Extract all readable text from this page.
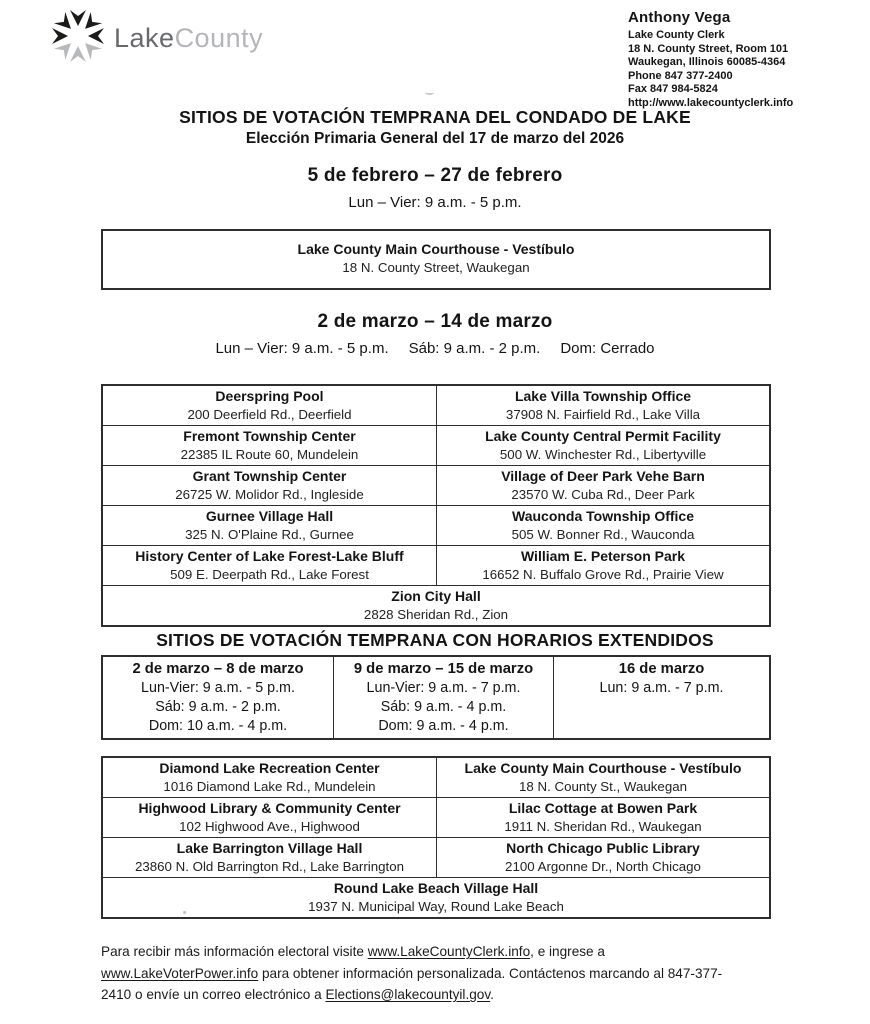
LakeCounty
Anthony Vega
Lake County Clerk
18 N. County Street, Room 101
Waukegan, Illinois 60085-4364
Phone 847 377-2400
Fax 847 984-5824
http://www.lakecountyclerk.info
SITIOS DE VOTACIÓN TEMPRANA DEL CONDADO DE LAKE
Elección Primaria General del 17 de marzo del 2026
5 de febrero – 27 de febrero
Lun – Vier: 9 a.m. - 5 p.m.
Lake County Main Courthouse - Vestíbulo
18 N. County Street, Waukegan
2 de marzo – 14 de marzo
Lun – Vier: 9 a.m. - 5 p.m. Sáb: 9 a.m. - 2 p.m. Dom: Cerrado
Deerspring Pool
200 Deerfield Rd., Deerfield
Lake Villa Township Office
37908 N. Fairfield Rd., Lake Villa
Fremont Township Center
22385 IL Route 60, Mundelein
Lake County Central Permit Facility
500 W. Winchester Rd., Libertyville
Grant Township Center
26725 W. Molidor Rd., Ingleside
Village of Deer Park Vehe Barn
23570 W. Cuba Rd., Deer Park
Gurnee Village Hall
325 N. O'Plaine Rd., Gurnee
Wauconda Township Office
505 W. Bonner Rd., Wauconda
History Center of Lake Forest-Lake Bluff
509 E. Deerpath Rd., Lake Forest
William E. Peterson Park
16652 N. Buffalo Grove Rd., Prairie View
Zion City Hall
2828 Sheridan Rd., Zion
SITIOS DE VOTACIÓN TEMPRANA CON HORARIOS EXTENDIDOS
2 de marzo – 8 de marzo
Lun-Vier: 9 a.m. - 5 p.m.
Sáb: 9 a.m. - 2 p.m.
Dom: 10 a.m. - 4 p.m.
9 de marzo – 15 de marzo
Lun-Vier: 9 a.m. - 7 p.m.
Sáb: 9 a.m. - 4 p.m.
Dom: 9 a.m. - 4 p.m.
16 de marzo
Lun: 9 a.m. - 7 p.m.
Diamond Lake Recreation Center
1016 Diamond Lake Rd., Mundelein
Lake County Main Courthouse - Vestíbulo
18 N. County St., Waukegan
Highwood Library & Community Center
102 Highwood Ave., Highwood
Lilac Cottage at Bowen Park
1911 N. Sheridan Rd., Waukegan
Lake Barrington Village Hall
23860 N. Old Barrington Rd., Lake Barrington
North Chicago Public Library
2100 Argonne Dr., North Chicago
Round Lake Beach Village Hall
1937 N. Municipal Way, Round Lake Beach

Para recibir más información electoral visite www.LakeCountyClerk.info, e ingrese a www.LakeVoterPower.info para obtener información personalizada. Contáctenos marcando al 847-377-2410 o envíe un correo electrónico a Elections@lakecountyil.gov.
